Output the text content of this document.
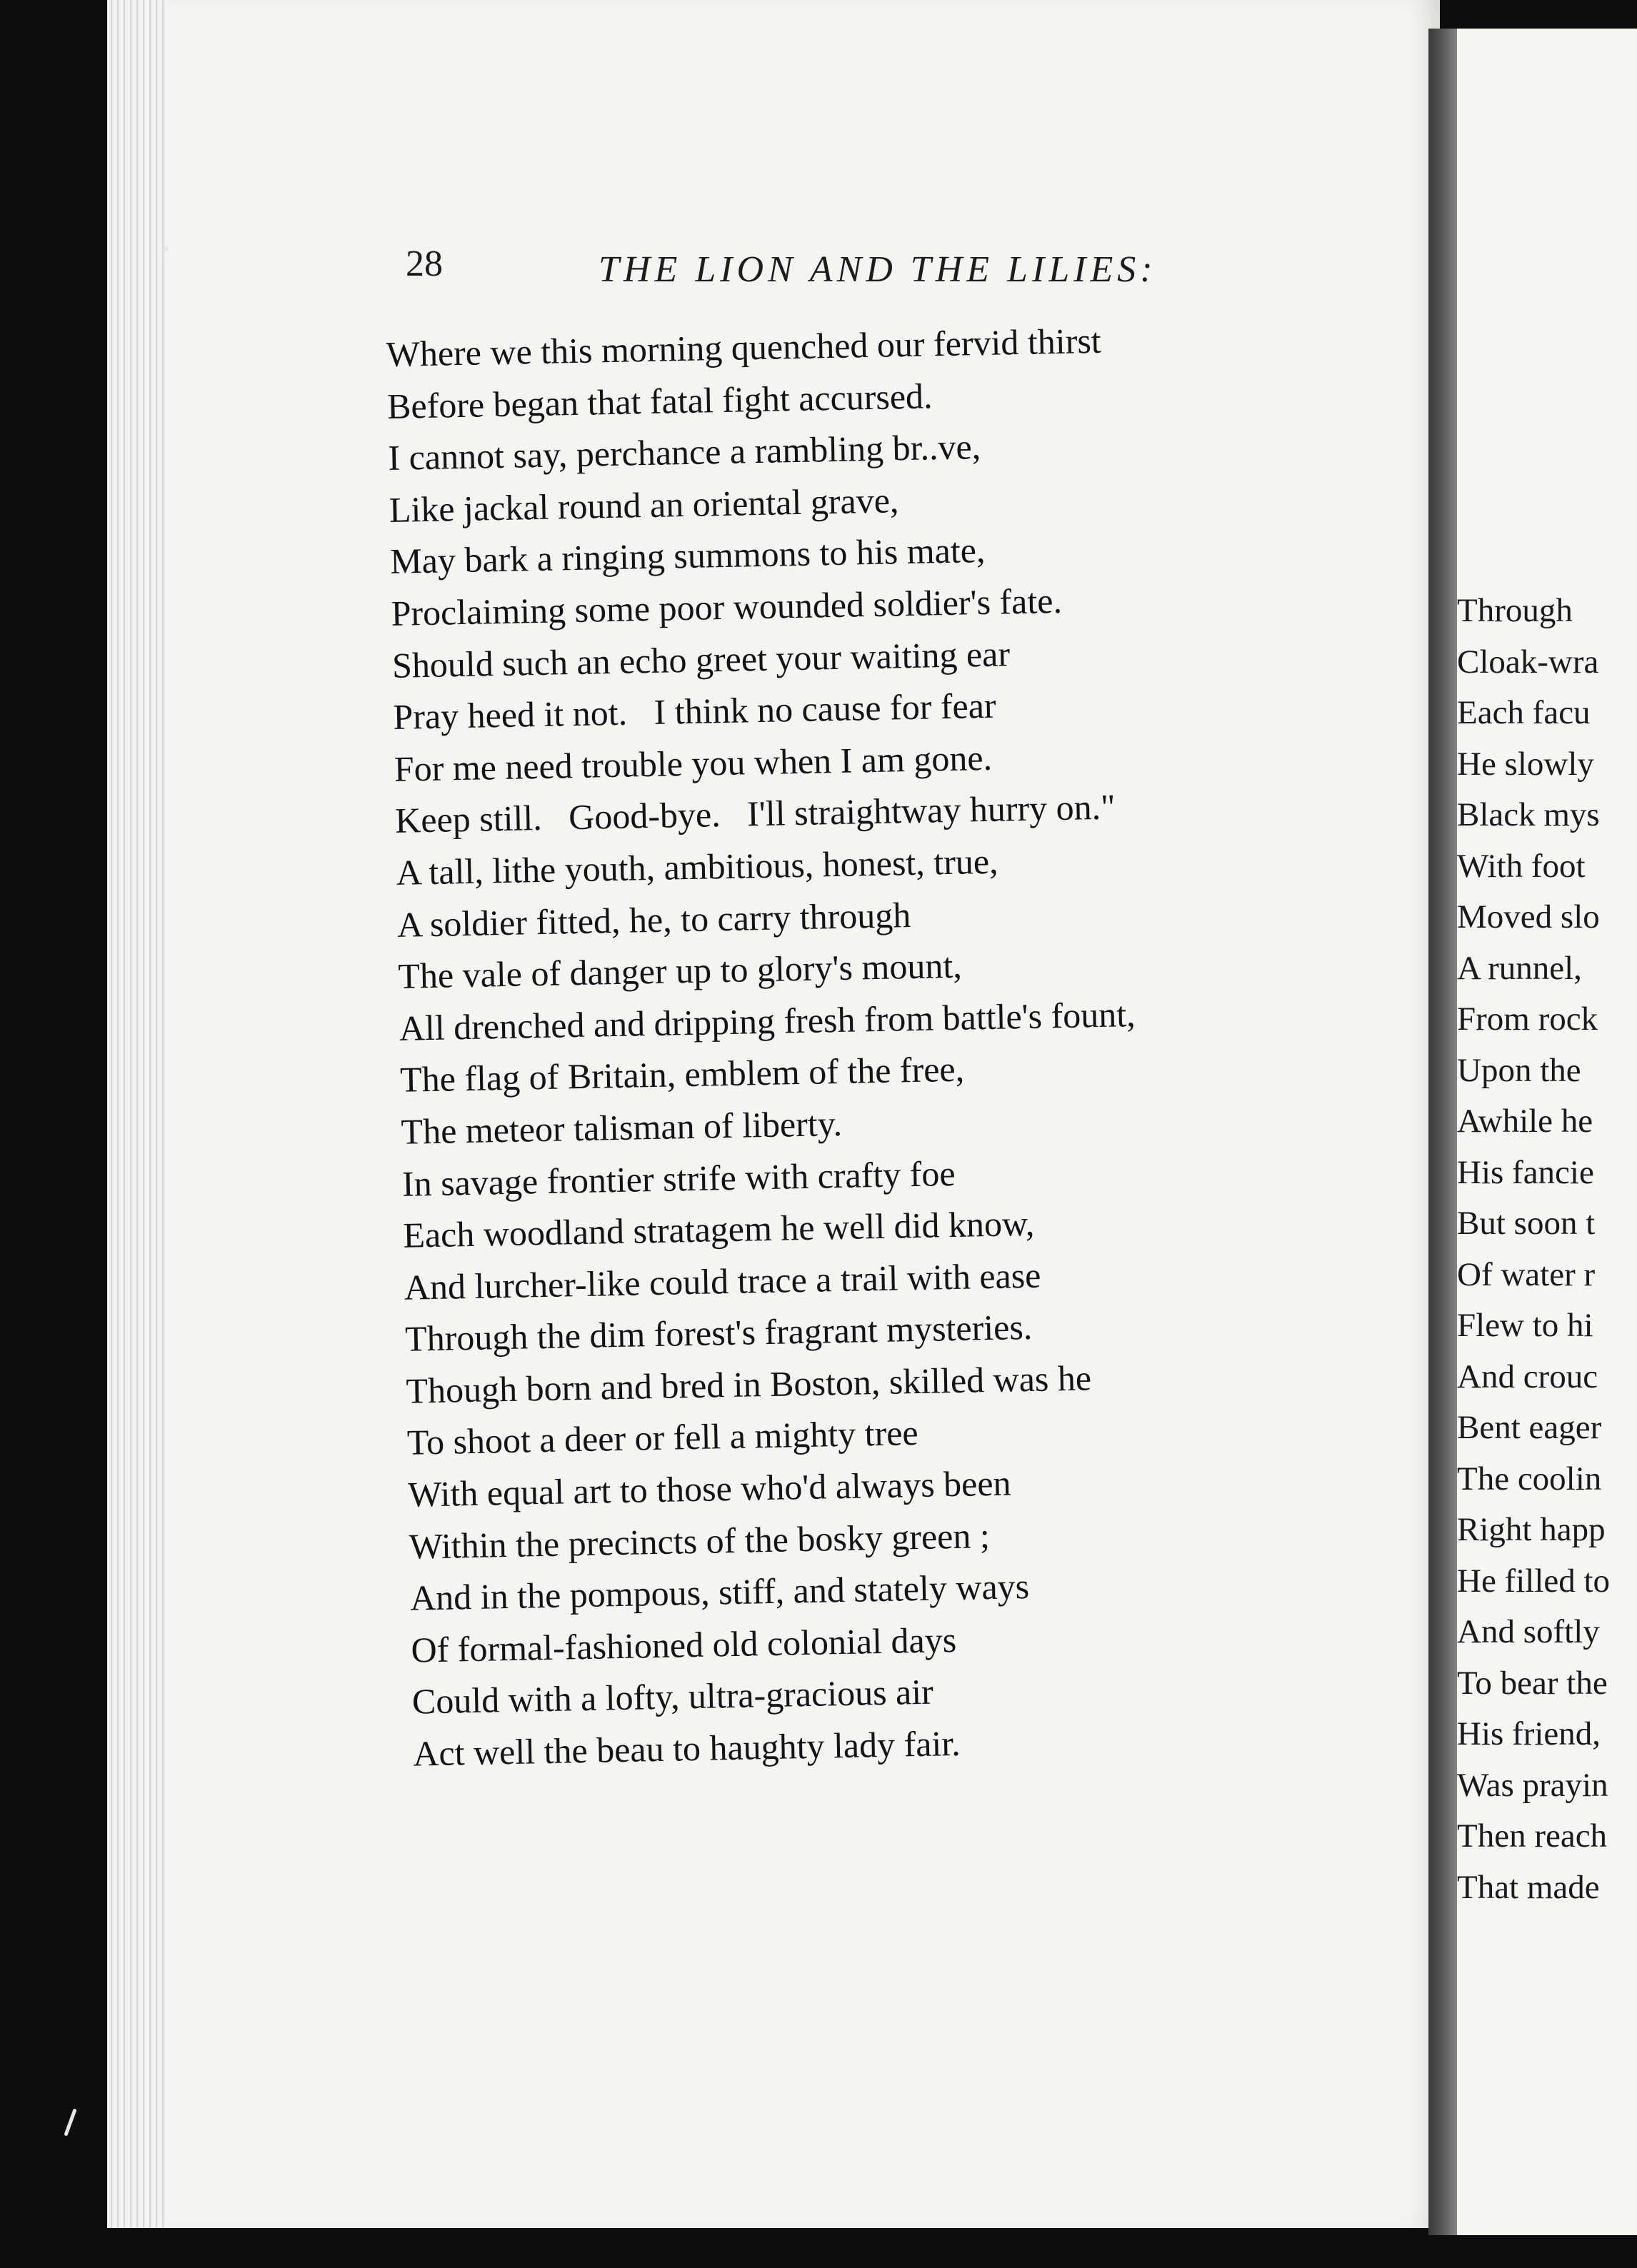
28	THE LION AND THE LILIES:
Where we this morning quenched our fervid thirst
Before began that fatal fight accursed.
I cannot say, perchance a rambling br..ve,
Like jackal round an oriental grave,
May bark a ringing summons to his mate,
Proclaiming some poor wounded soldier's fate.
Should such an echo greet your waiting ear
Pray heed it not.   I think no cause for fear
For me need trouble you when I am gone.
Keep still.   Good-bye.   I'll straightway hurry on."
A tall, lithe youth, ambitious, honest, true,
A soldier fitted, he, to carry through
The vale of danger up to glory's mount,
All drenched and dripping fresh from battle's fount,
The flag of Britain, emblem of the free,
The meteor talisman of liberty.
In savage frontier strife with crafty foe
Each woodland stratagem he well did know,
And lurcher-like could trace a trail with ease
Through the dim forest's fragrant mysteries.
Though born and bred in Boston, skilled was he
To shoot a deer or fell a mighty tree
With equal art to those who'd always been
Within the precincts of the bosky green ;
And in the pompous, stiff, and stately ways
Of formal-fashioned old colonial days
Could with a lofty, ultra-gracious air
Act well the beau to haughty lady fair.
Through
Cloak-wra
Each facu
He slowly
Black mys
With foot
Moved slo
A runnel,
From rock
Upon the
Awhile he
His fancie
But soon t
Of water r
Flew to hi
And crouc
Bent eager
The coolin
Right happ
He filled to
And softly
To bear the
His friend,
Was prayin
Then reach
That made
